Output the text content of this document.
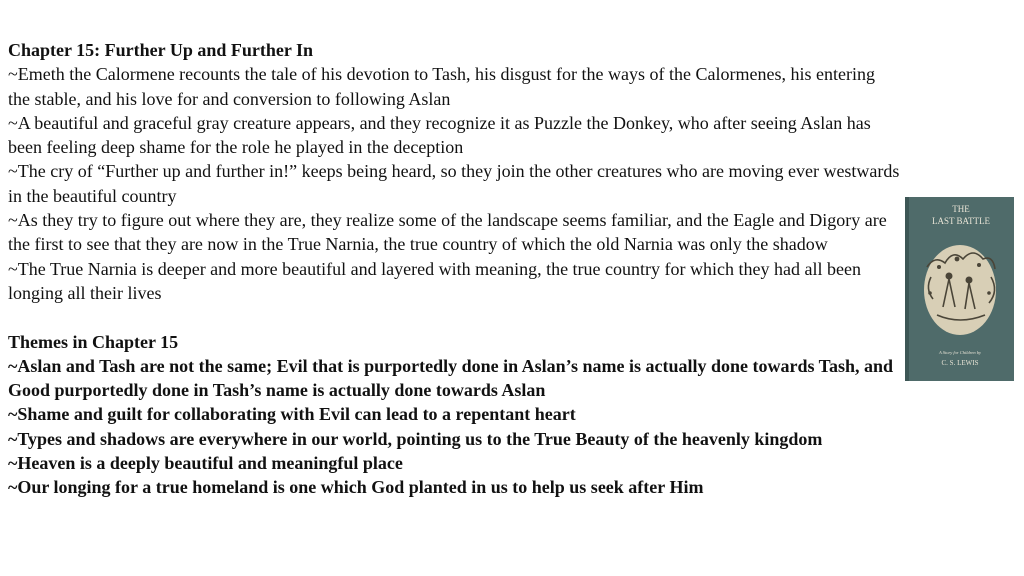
Chapter 15: Further Up and Further In
~Emeth the Calormene recounts the tale of his devotion to Tash, his disgust for the ways of the Calormenes, his entering the stable, and his love for and conversion to following Aslan
~A beautiful and graceful gray creature appears, and they recognize it as Puzzle the Donkey, who after seeing Aslan has been feeling deep shame for the role he played in the deception
~The cry of “Further up and further in!” keeps being heard, so they join the other creatures who are moving ever westwards in the beautiful country
~As they try to figure out where they are, they realize some of the landscape seems familiar, and the Eagle and Digory are the first to see that they are now in the True Narnia, the true country of which the old Narnia was only the shadow
~The True Narnia is deeper and more beautiful and layered with meaning, the true country for which they had all been longing all their lives
Themes in Chapter 15
~Aslan and Tash are not the same; Evil that is purportedly done in Aslan’s name is actually done towards Tash, and Good purportedly done in Tash’s name is actually done towards Aslan
~Shame and guilt for collaborating with Evil can lead to a repentant heart
~Types and shadows are everywhere in our world, pointing us to the True Beauty of the heavenly kingdom
~Heaven is a deeply beautiful and meaningful place
~Our longing for a true homeland is one which God planted in us to help us seek after Him
THE
LAST BATTLE
A Story for Children by
C. S. LEWIS
